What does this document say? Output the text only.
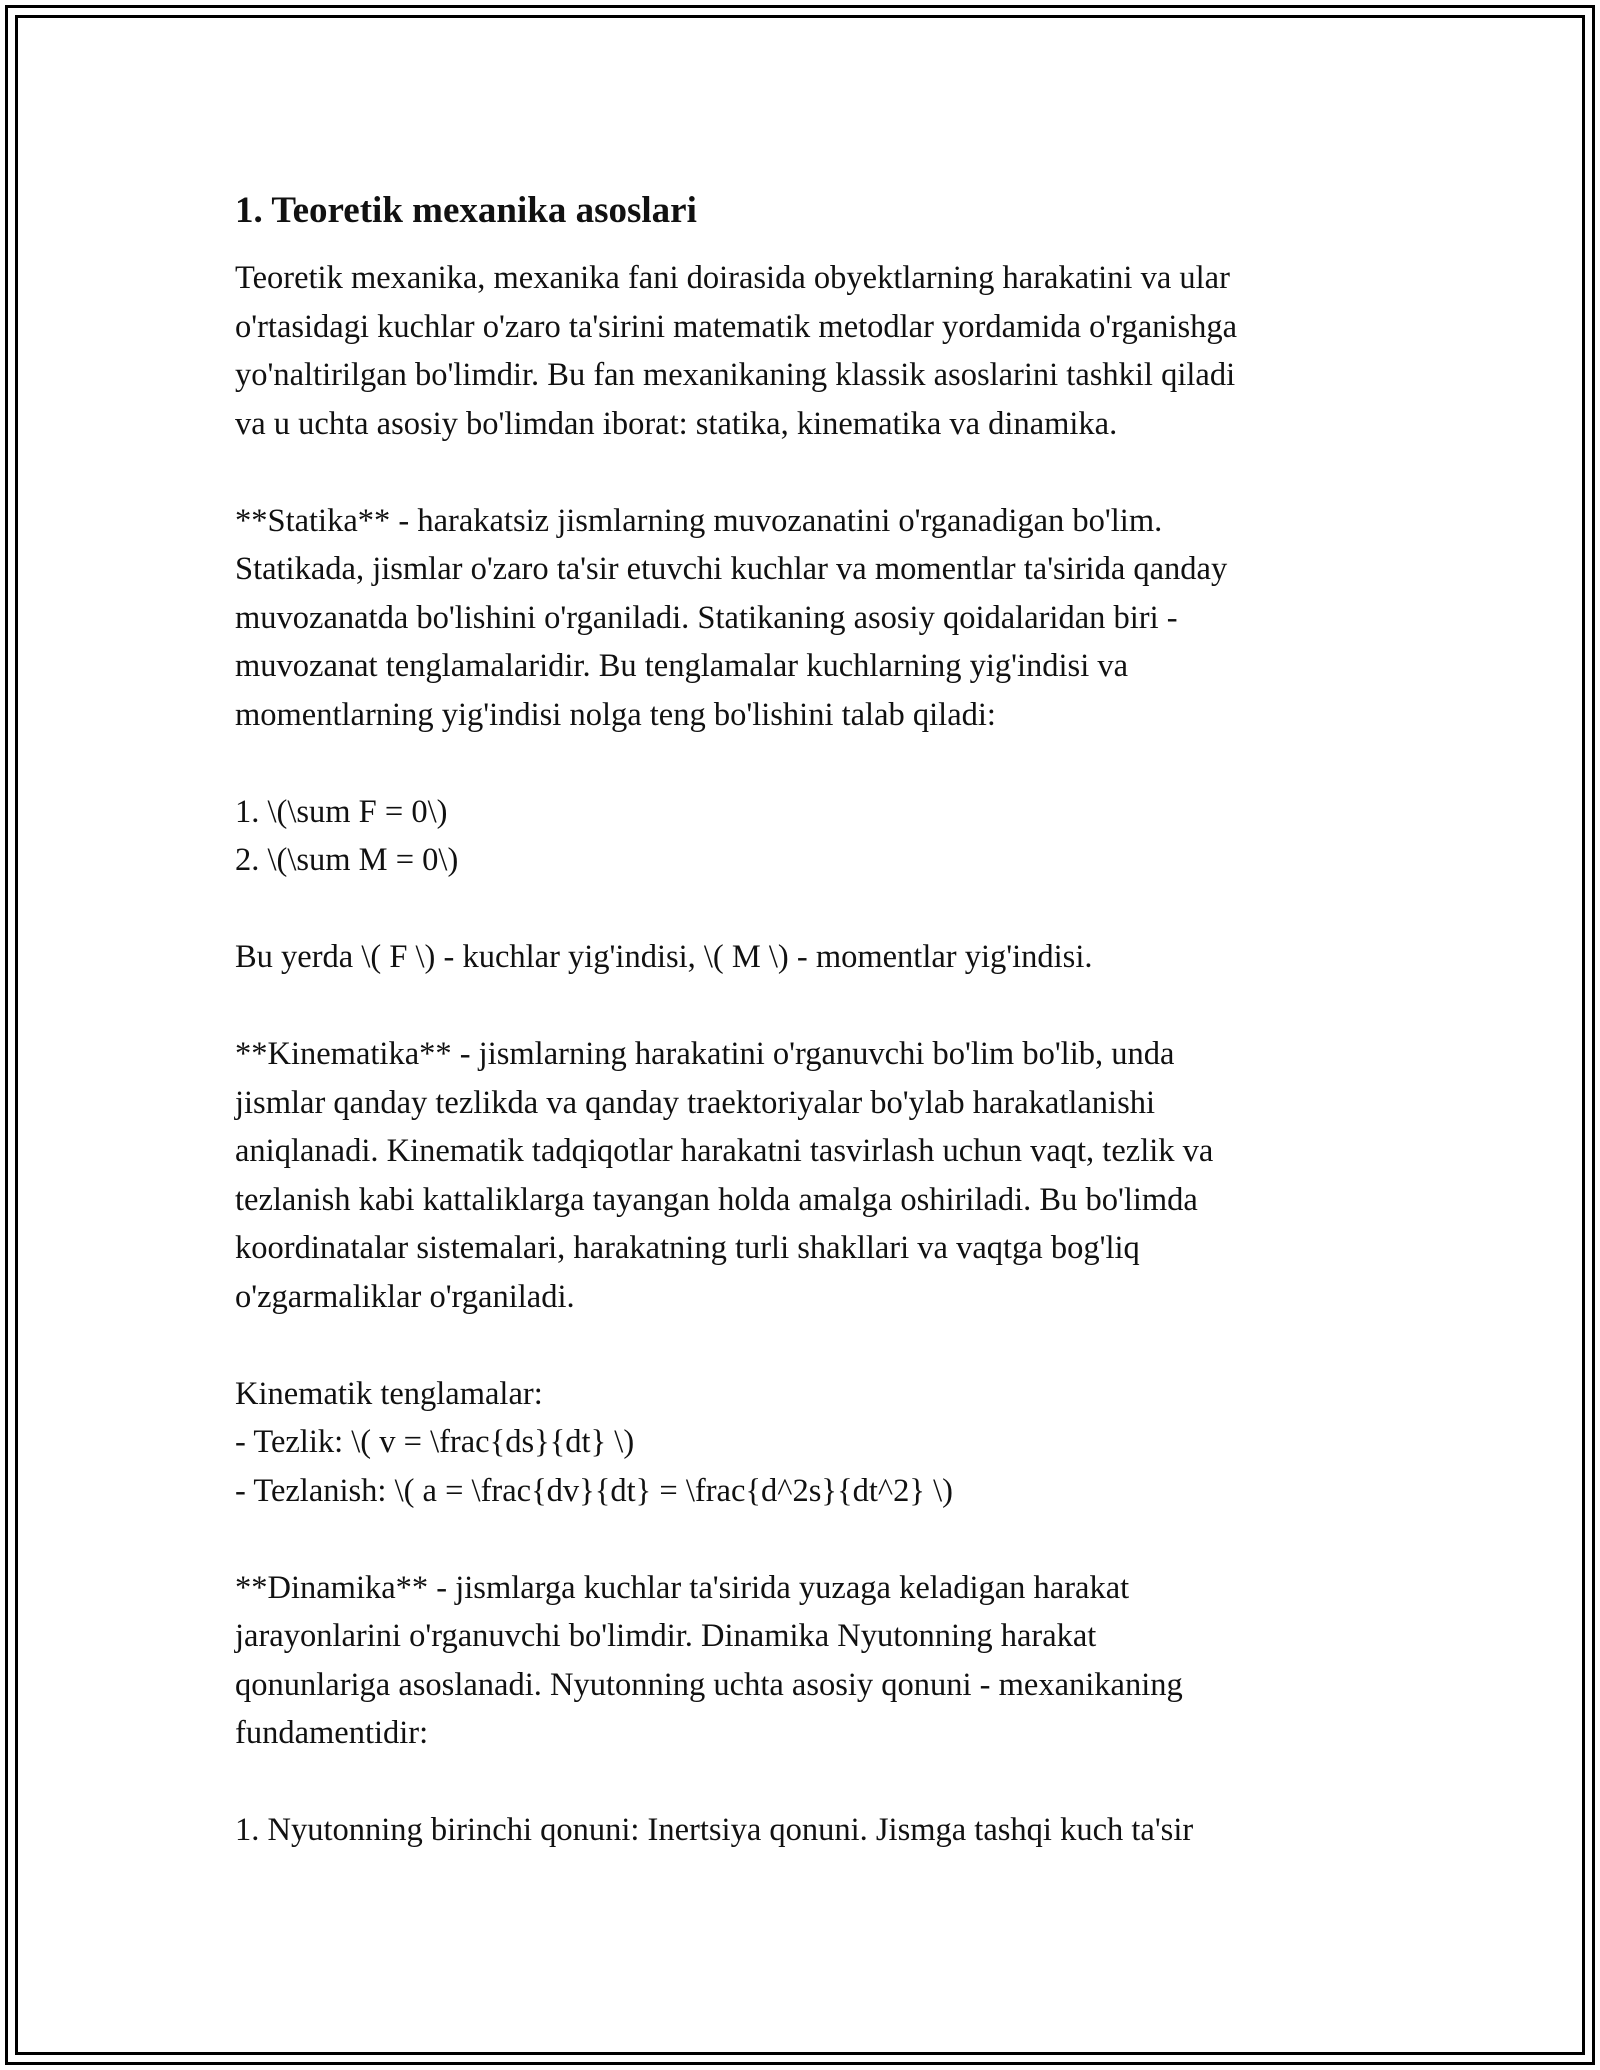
1. Teoretik mexanika asoslari
Teoretik mexanika, mexanika fani doirasida obyektlarning harakatini va ular
o'rtasidagi kuchlar o'zaro ta'sirini matematik metodlar yordamida o'rganishga
yo'naltirilgan bo'limdir. Bu fan mexanikaning klassik asoslarini tashkil qiladi
va u uchta asosiy bo'limdan iborat: statika, kinematika va dinamika.
**Statika** - harakatsiz jismlarning muvozanatini o'rganadigan bo'lim.
Statikada, jismlar o'zaro ta'sir etuvchi kuchlar va momentlar ta'sirida qanday
muvozanatda bo'lishini o'rganiladi. Statikaning asosiy qoidalaridan biri -
muvozanat tenglamalaridir. Bu tenglamalar kuchlarning yig'indisi va
momentlarning yig'indisi nolga teng bo'lishini talab qiladi:
1. \(\sum F = 0\)
2. \(\sum M = 0\)
Bu yerda \( F \) - kuchlar yig'indisi, \( M \) - momentlar yig'indisi.
**Kinematika** - jismlarning harakatini o'rganuvchi bo'lim bo'lib, unda
jismlar qanday tezlikda va qanday traektoriyalar bo'ylab harakatlanishi
aniqlanadi. Kinematik tadqiqotlar harakatni tasvirlash uchun vaqt, tezlik va
tezlanish kabi kattaliklarga tayangan holda amalga oshiriladi. Bu bo'limda
koordinatalar sistemalari, harakatning turli shakllari va vaqtga bog'liq
o'zgarmaliklar o'rganiladi.
Kinematik tenglamalar:
- Tezlik: \( v = \frac{ds}{dt} \)
- Tezlanish: \( a = \frac{dv}{dt} = \frac{d^2s}{dt^2} \)
**Dinamika** - jismlarga kuchlar ta'sirida yuzaga keladigan harakat
jarayonlarini o'rganuvchi bo'limdir. Dinamika Nyutonning harakat
qonunlariga asoslanadi. Nyutonning uchta asosiy qonuni - mexanikaning
fundamentidir:
1. Nyutonning birinchi qonuni: Inertsiya qonuni. Jismga tashqi kuch ta'sir
